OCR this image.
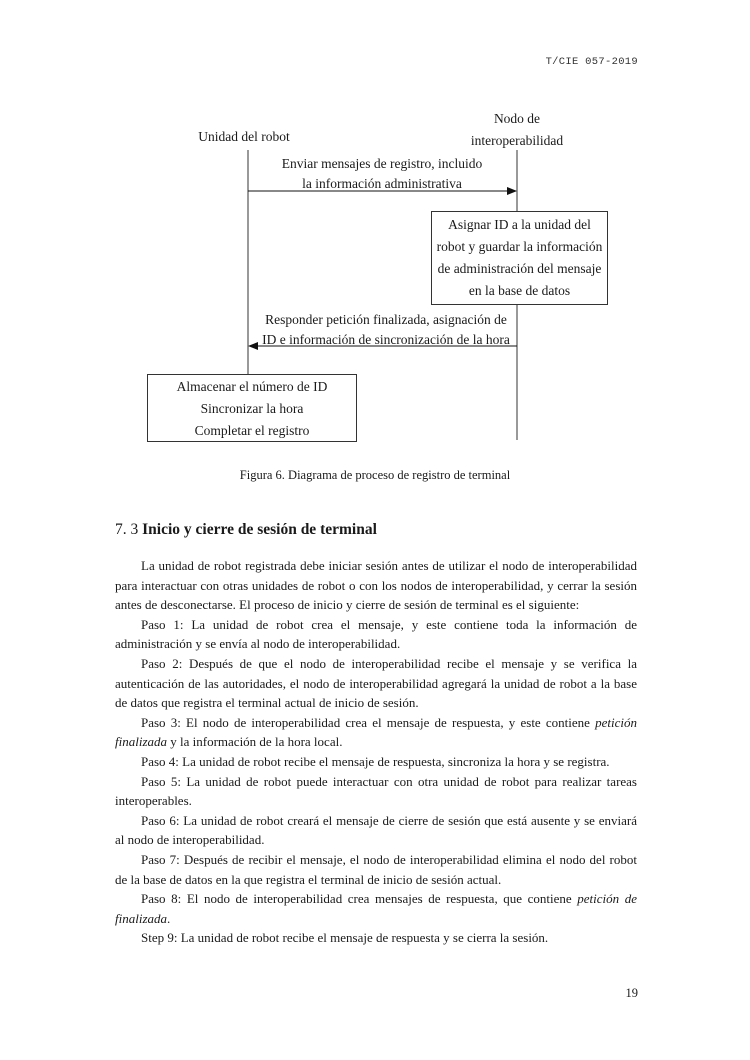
T/CIE 057-2019
Unidad del robot
Nodo de
interoperabilidad
Enviar mensajes de registro, incluido
la información administrativa
Asignar ID a la unidad del
robot y guardar la información
de administración del mensaje
en la base de datos
Responder petición finalizada, asignación de
ID e información de sincronización de la hora
Almacenar el número de ID
Sincronizar la hora
Completar el registro
Figura 6. Diagrama de proceso de registro de terminal
7. 3 Inicio y cierre de sesión de terminal

La unidad de robot registrada debe iniciar sesión antes de utilizar el nodo de interoperabilidad para interactuar con otras unidades de robot o con los nodos de interoperabilidad, y cerrar la sesión antes de desconectarse. El proceso de inicio y cierre de sesión de terminal es el siguiente:

Paso 1: La unidad de robot crea el mensaje, y este contiene toda la información de administración y se envía al nodo de interoperabilidad.

Paso 2: Después de que el nodo de interoperabilidad recibe el mensaje y se verifica la autenticación de las autoridades, el nodo de interoperabilidad agregará la unidad de robot a la base de datos que registra el terminal actual de inicio de sesión.

Paso 3: El nodo de interoperabilidad crea el mensaje de respuesta, y este contiene petición finalizada y la información de la hora local.

Paso 4: La unidad de robot recibe el mensaje de respuesta, sincroniza la hora y se registra.

Paso 5: La unidad de robot puede interactuar con otra unidad de robot para realizar tareas interoperables.

Paso 6: La unidad de robot creará el mensaje de cierre de sesión que está ausente y se enviará al nodo de interoperabilidad.

Paso 7: Después de recibir el mensaje, el nodo de interoperabilidad elimina el nodo del robot de la base de datos en la que registra el terminal de inicio de sesión actual.

Paso 8: El nodo de interoperabilidad crea mensajes de respuesta, que contiene petición de finalizada.

Step 9: La unidad de robot recibe el mensaje de respuesta y se cierra la sesión.

19
